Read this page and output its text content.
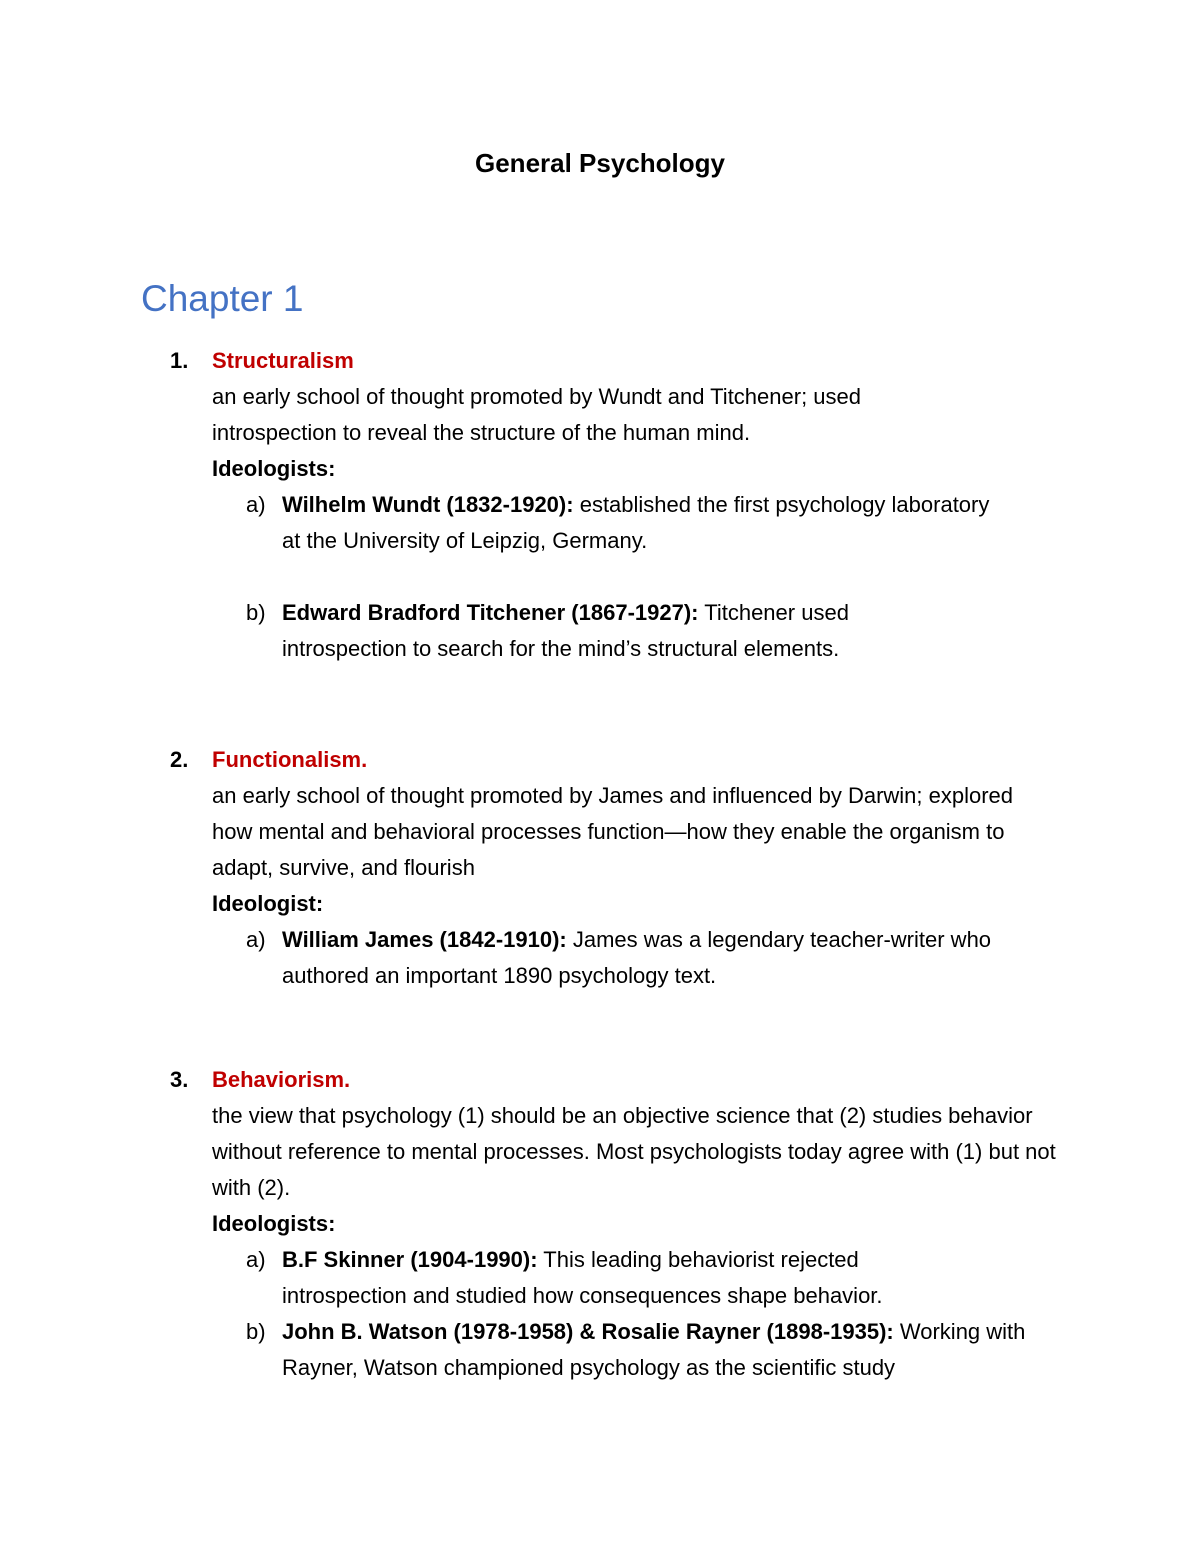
General Psychology
Chapter 1
1.	Structuralism
an early school of thought promoted by Wundt and Titchener; used introspection to reveal the structure of the human mind.
Ideologists:
a) Wilhelm Wundt (1832-1920): established the first psychology laboratory at the University of Leipzig, Germany.
b) Edward Bradford Titchener (1867-1927): Titchener used introspection to search for the mind’s structural elements.
2.	Functionalism.
an early school of thought promoted by James and influenced by Darwin; explored how mental and behavioral processes function—how they enable the organism to adapt, survive, and flourish
Ideologist:
a) William James (1842-1910): James was a legendary teacher-writer who authored an important 1890 psychology text.
3.	Behaviorism.
the view that psychology (1) should be an objective science that (2) studies behavior without reference to mental processes. Most psychologists today agree with (1) but not with (2).
Ideologists:
a) B.F Skinner (1904-1990): This leading behaviorist rejected introspection and studied how consequences shape behavior.
b) John B. Watson (1978-1958) & Rosalie Rayner (1898-1935): Working with Rayner, Watson championed psychology as the scientific study
